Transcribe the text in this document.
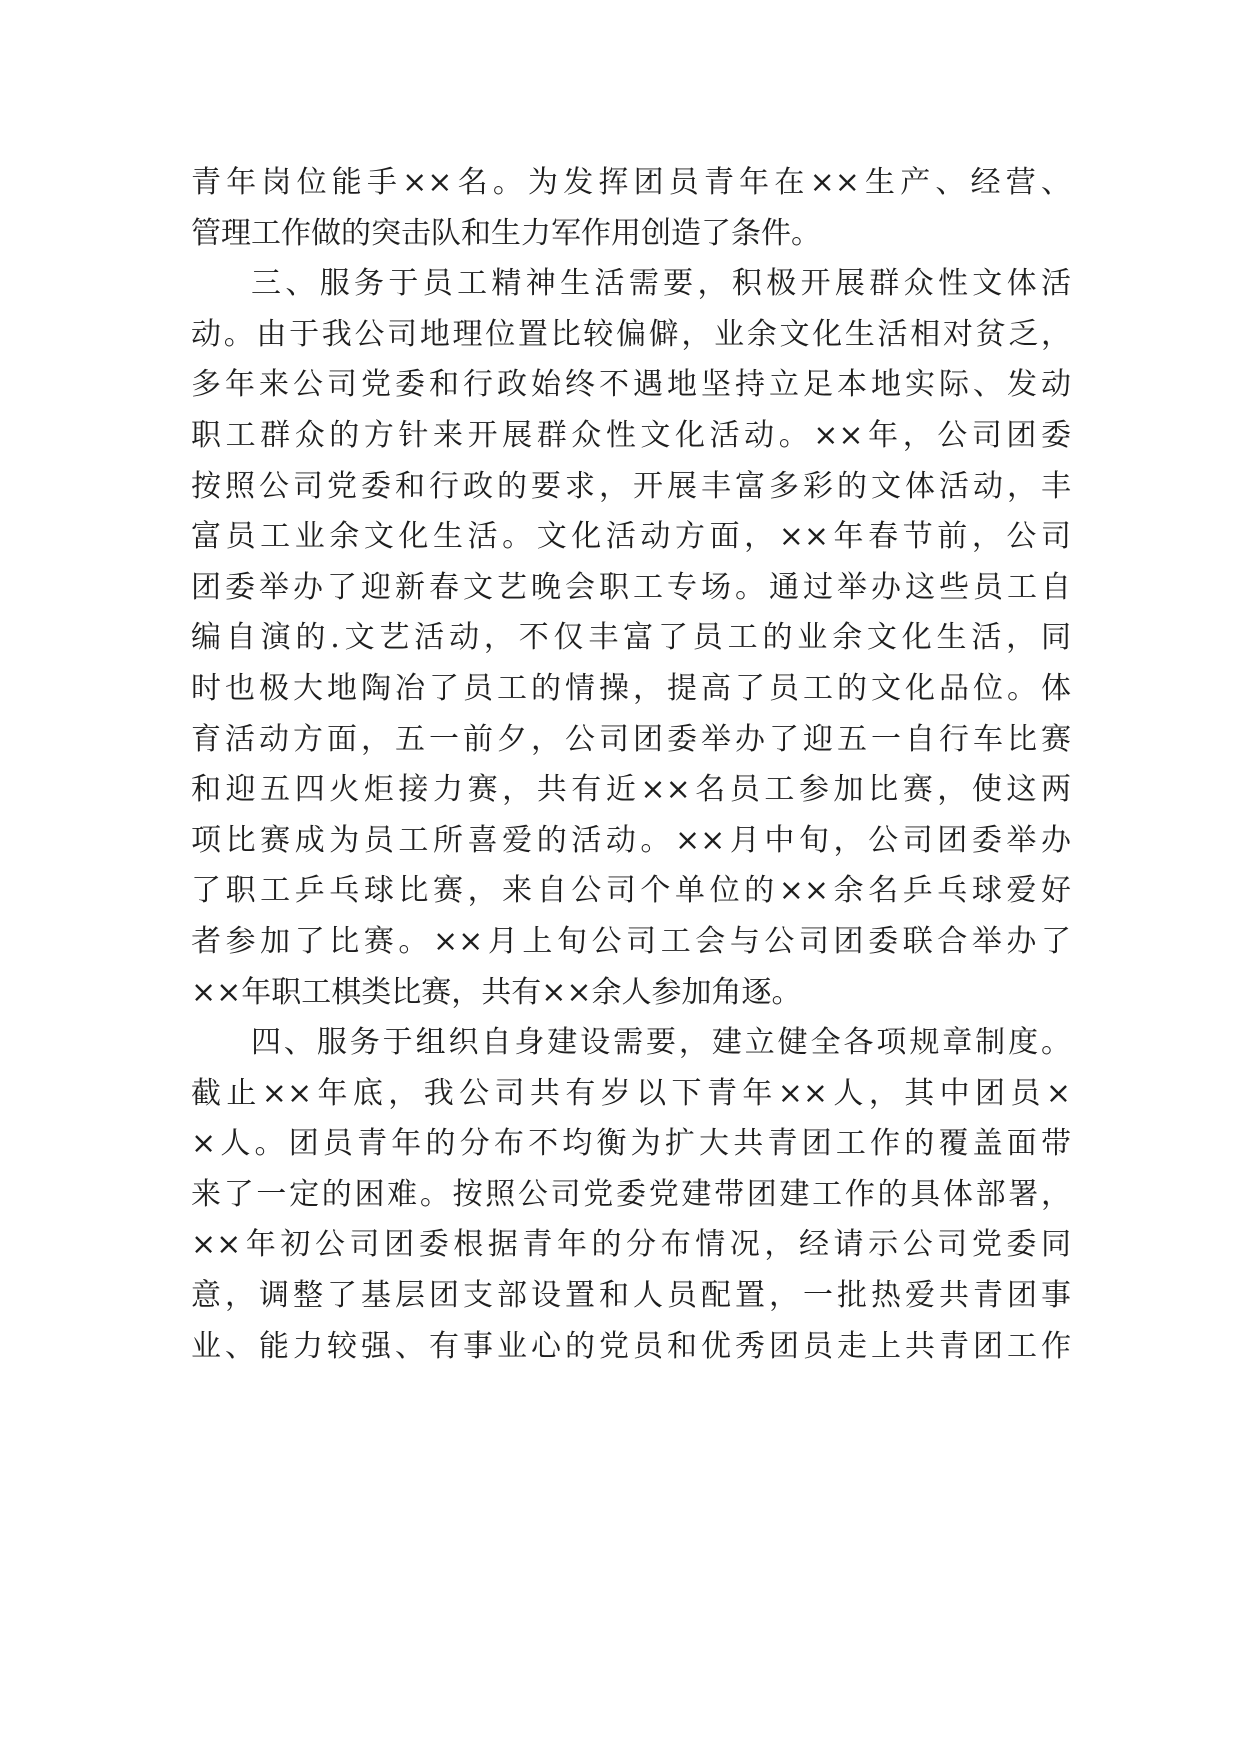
青年岗位能手××名。为发挥团员青年在××生产、经营、
管理工作做的突击队和生力军作用创造了条件。
三、服务于员工精神生活需要，积极开展群众性文体活
动。由于我公司地理位置比较偏僻，业余文化生活相对贫乏，
多年来公司党委和行政始终不遇地坚持立足本地实际、发动
职工群众的方针来开展群众性文化活动。××年，公司团委
按照公司党委和行政的要求，开展丰富多彩的文体活动，丰
富员工业余文化生活。文化活动方面，××年春节前，公司
团委举办了迎新春文艺晚会职工专场。通过举办这些员工自
编自演的.文艺活动，不仅丰富了员工的业余文化生活，同
时也极大地陶冶了员工的情操，提高了员工的文化品位。体
育活动方面，五一前夕，公司团委举办了迎五一自行车比赛
和迎五四火炬接力赛，共有近××名员工参加比赛，使这两
项比赛成为员工所喜爱的活动。××月中旬，公司团委举办
了职工乒乓球比赛，来自公司个单位的××余名乒乓球爱好
者参加了比赛。××月上旬公司工会与公司团委联合举办了
××年职工棋类比赛，共有××余人参加角逐。
四、服务于组织自身建设需要，建立健全各项规章制度。
截止××年底，我公司共有岁以下青年××人，其中团员×
×人。团员青年的分布不均衡为扩大共青团工作的覆盖面带
来了一定的困难。按照公司党委党建带团建工作的具体部署，
××年初公司团委根据青年的分布情况，经请示公司党委同
意，调整了基层团支部设置和人员配置，一批热爱共青团事
业、能力较强、有事业心的党员和优秀团员走上共青团工作
